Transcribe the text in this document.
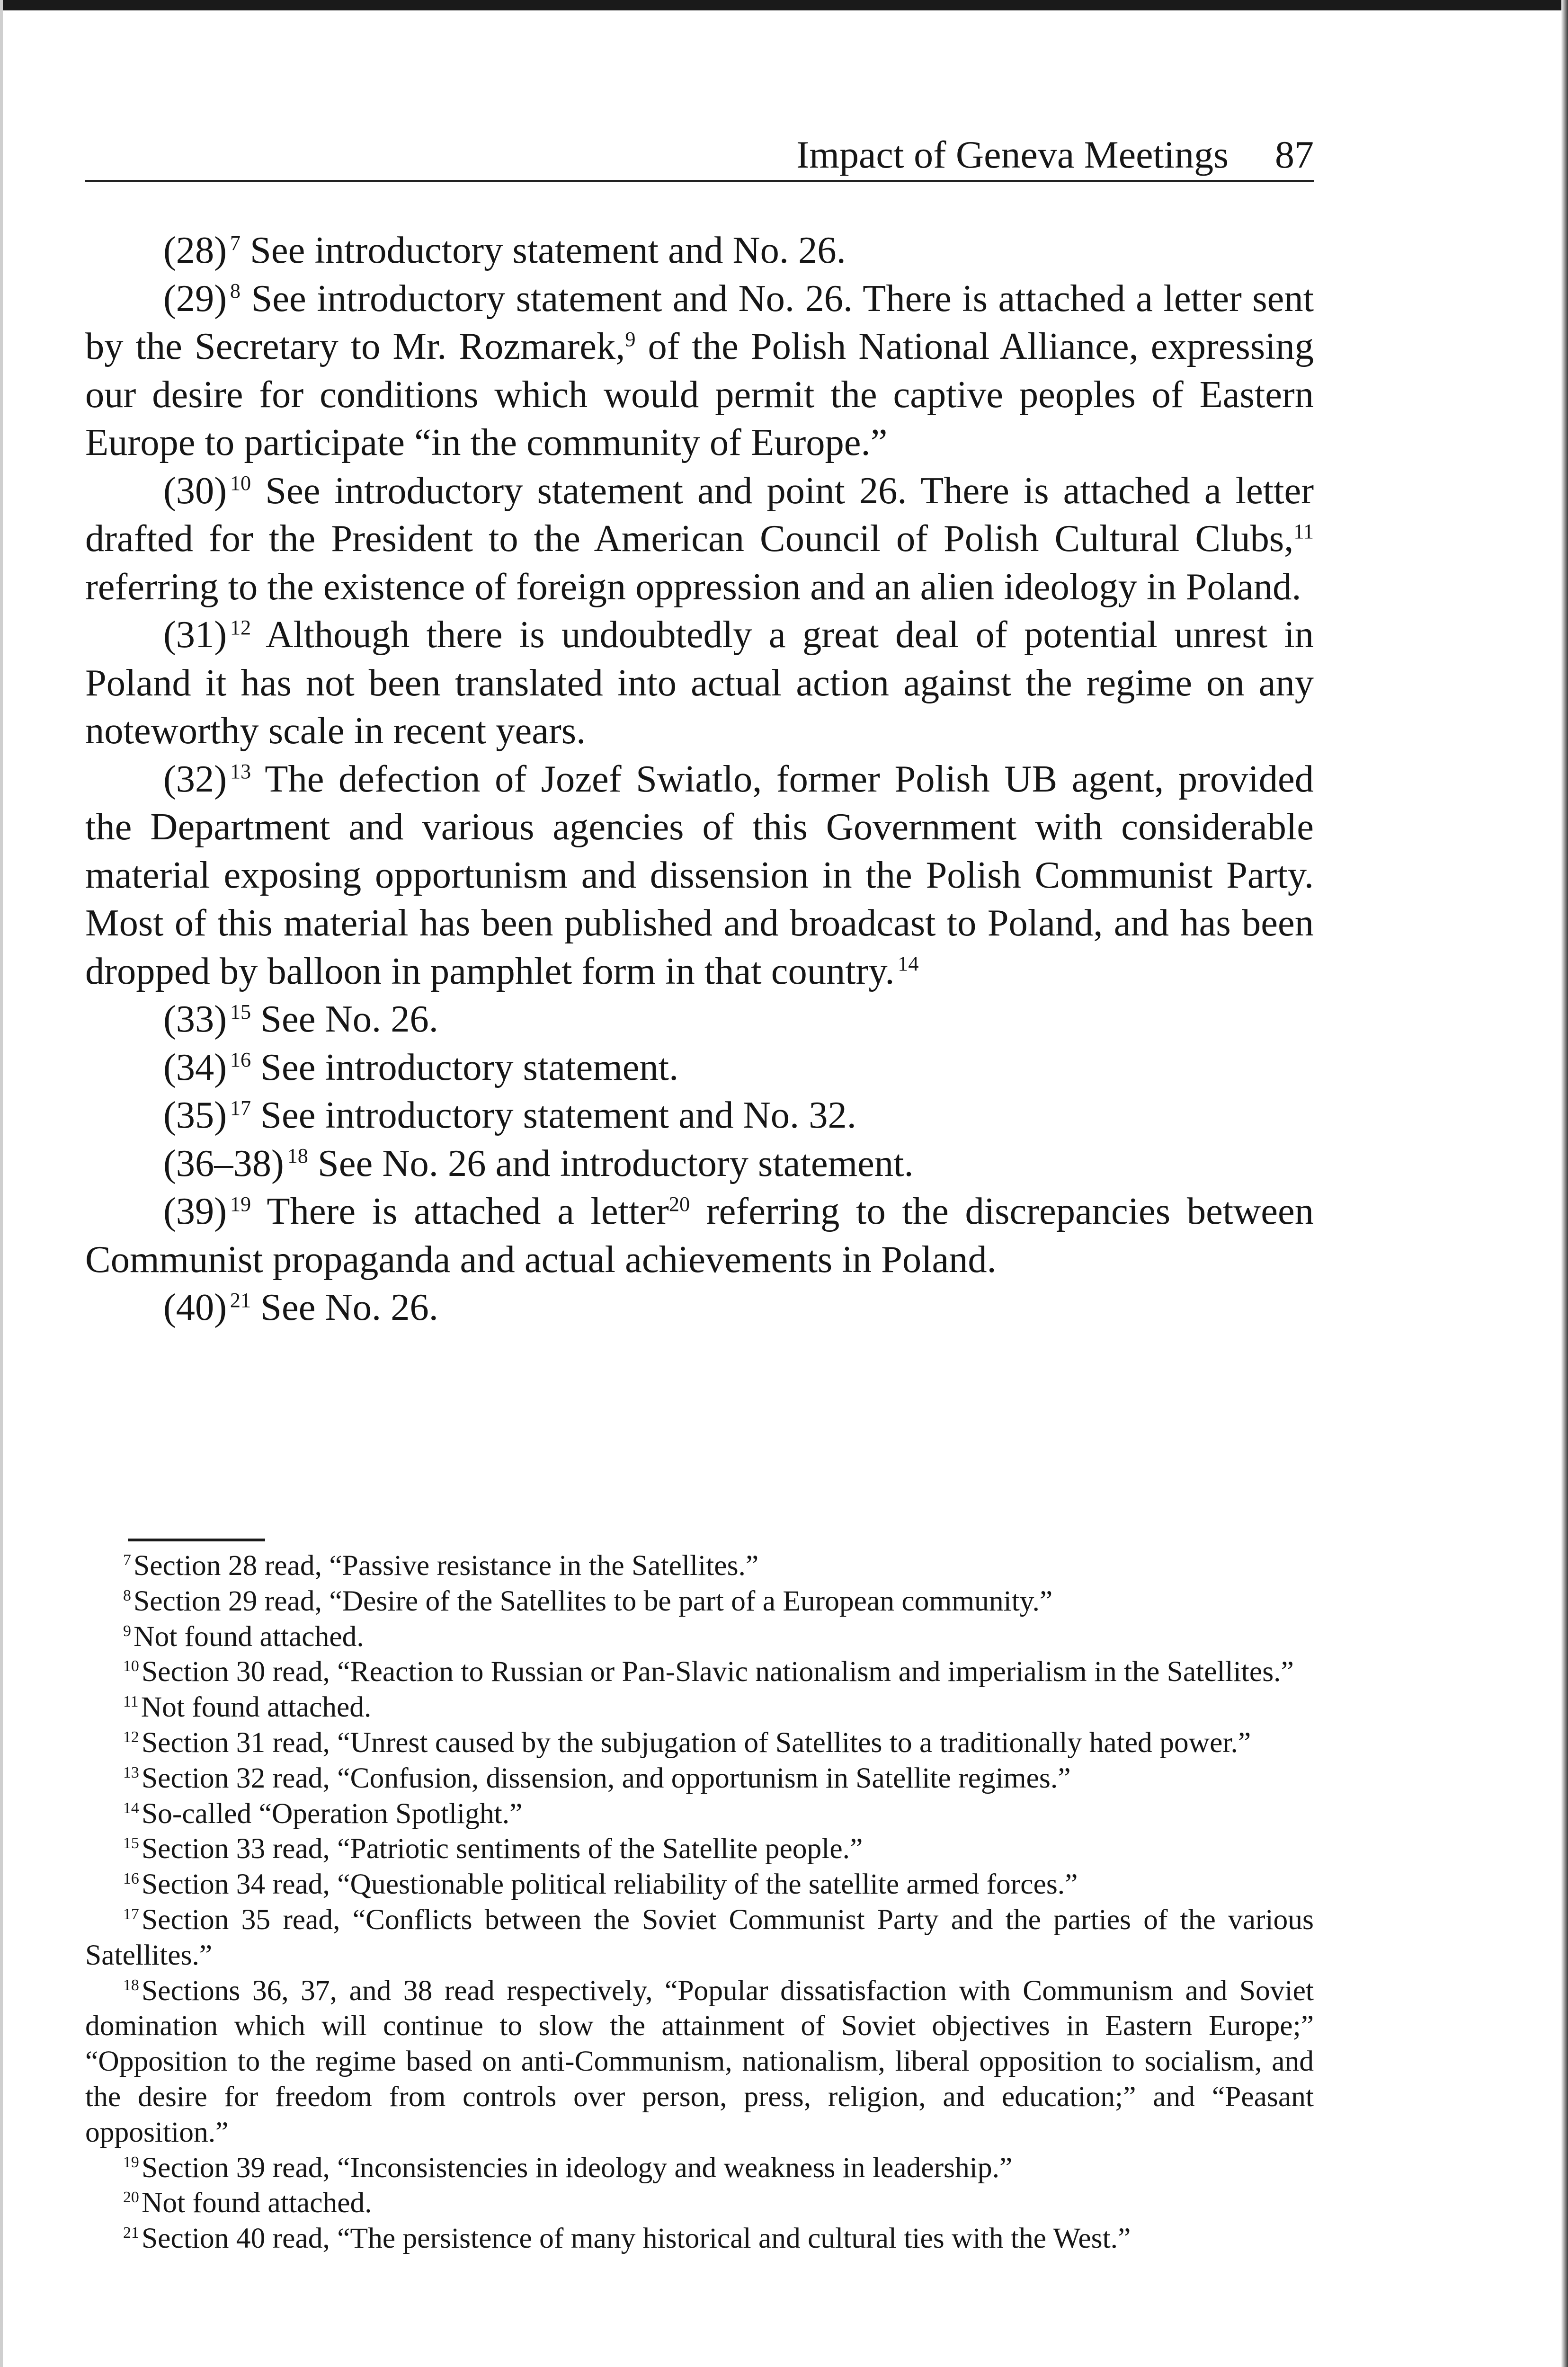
Impact of Geneva Meetings 87

(28)  $^7$ See introductory statement and No. 26.

(29)  $^8$ See introductory statement and No. 26. There is attached a letter sent by the Secretary to Mr. Rozmarek,$^9$ of the Polish National Alliance, expressing our desire for conditions which would permit the captive peoples of Eastern Europe to participate “in the community of Europe.”

(30)  $^{10}$ See introductory statement and point 26. There is attached a letter drafted for the President to the American Council of Polish Cultural Clubs,$^{11}$ referring to the existence of foreign oppression and an alien ideology in Poland.

(31)  $^{12}$ Although there is undoubtedly a great deal of potential unrest in Poland it has not been translated into actual action against the regime on any noteworthy scale in recent years.

(32)  $^{13}$ The defection of Jozef Swiatlo, former Polish UB agent, provided the Department and various agencies of this Government with considerable material exposing opportunism and dissension in the Polish Communist Party. Most of this material has been published and broadcast to Poland, and has been dropped by balloon in pamphlet form in that country.  $^{14}$

(33)  $^{15}$ See No. 26.

(34)  $^{16}$ See introductory statement.

(35)  $^{17}$ See introductory statement and No. 32.

(36–38)  $^{18}$ See No. 26 and introductory statement.

(39)  $^{19}$ There is attached a letter$^{20}$ referring to the discrepancies between Communist propaganda and actual achievements in Poland.

(40)  $^{21}$ See No. 26.

$^7$ Section 28 read, “Passive resistance in the Satellites.”

$^8$ Section 29 read, “Desire of the Satellites to be part of a European community.”

$^9$ Not found attached.

$^{10}$ Section 30 read, “Reaction to Russian or Pan-Slavic nationalism and imperialism in the Satellites.”

$^{11}$ Not found attached.

$^{12}$ Section 31 read, “Unrest caused by the subjugation of Satellites to a traditionally hated power.”

$^{13}$ Section 32 read, “Confusion, dissension, and opportunism in Satellite regimes.”

$^{14}$ So-called “Operation Spotlight.”

$^{15}$ Section 33 read, “Patriotic sentiments of the Satellite people.”

$^{16}$ Section 34 read, “Questionable political reliability of the satellite armed forces.”

$^{17}$ Section 35 read, “Conflicts between the Soviet Communist Party and the parties of the various Satellites.”

$^{18}$ Sections 36, 37, and 38 read respectively, “Popular dissatisfaction with Communism and Soviet domination which will continue to slow the attainment of Soviet objectives in Eastern Europe;” “Opposition to the regime based on anti-Communism, nationalism, liberal opposition to socialism, and the desire for freedom from controls over person, press, religion, and education;” and “Peasant opposition.”

$^{19}$ Section 39 read, “Inconsistencies in ideology and weakness in leadership.”

$^{20}$ Not found attached.

$^{21}$ Section 40 read, “The persistence of many historical and cultural ties with the West.”
